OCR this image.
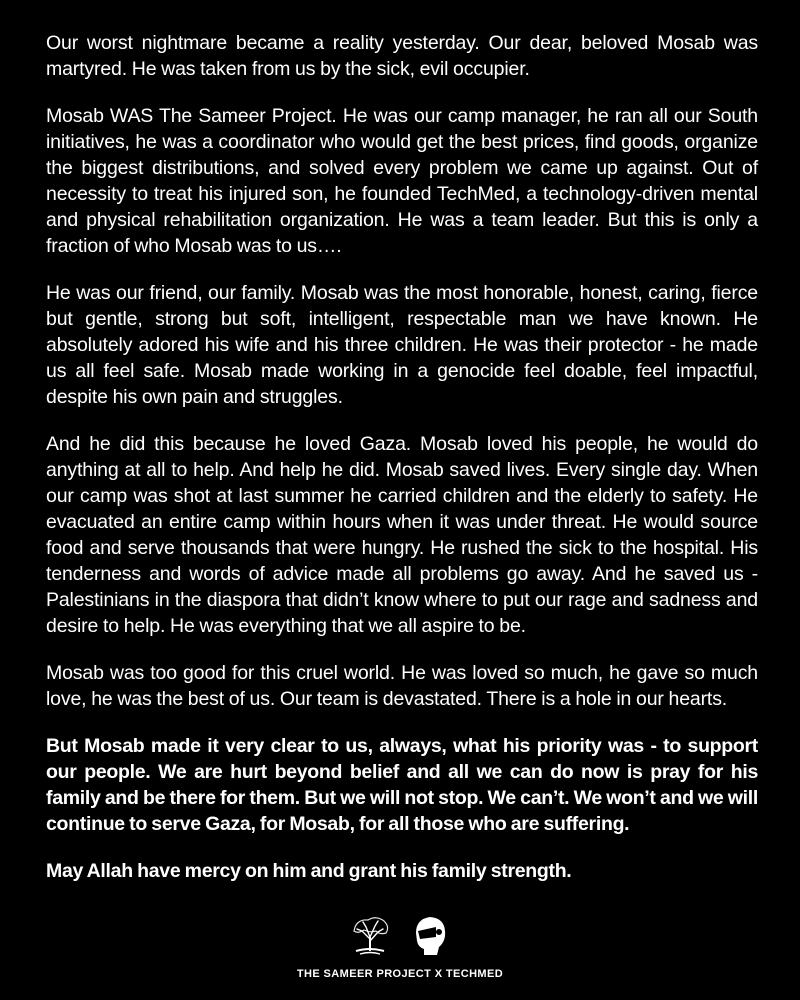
Our worst nightmare became a reality yesterday. Our dear, beloved Mosab was martyred. He was taken from us by the sick, evil occupier.

Mosab WAS The Sameer Project. He was our camp manager, he ran all our South initiatives, he was a coordinator who would get the best prices, find goods, organize the biggest distributions, and solved every problem we came up against. Out of necessity to treat his injured son, he founded TechMed, a technology-driven mental and physical rehabilitation organization. He was a team leader. But this is only a fraction of who Mosab was to us….

He was our friend, our family. Mosab was the most honorable, honest, caring, fierce but gentle, strong but soft, intelligent, respectable man we have known. He absolutely adored his wife and his three children. He was their protector - he made us all feel safe. Mosab made working in a genocide feel doable, feel impactful, despite his own pain and struggles.

And he did this because he loved Gaza. Mosab loved his people, he would do anything at all to help. And help he did. Mosab saved lives. Every single day. When our camp was shot at last summer he carried children and the elderly to safety. He evacuated an entire camp within hours when it was under threat. He would source food and serve thousands that were hungry. He rushed the sick to the hospital. His tenderness and words of advice made all problems go away. And he saved us - Palestinians in the diaspora that didn’t know where to put our rage and sadness and desire to help. He was everything that we all aspire to be.

Mosab was too good for this cruel world. He was loved so much, he gave so much love, he was the best of us. Our team is devastated. There is a hole in our hearts.

But Mosab made it very clear to us, always, what his priority was - to support our people. We are hurt beyond belief and all we can do now is pray for his family and be there for them. But we will not stop. We can’t. We won’t and we will continue to serve Gaza, for Mosab, for all those who are suffering.

May Allah have mercy on him and grant his family strength.

THE SAMEER PROJECT X TECHMED
